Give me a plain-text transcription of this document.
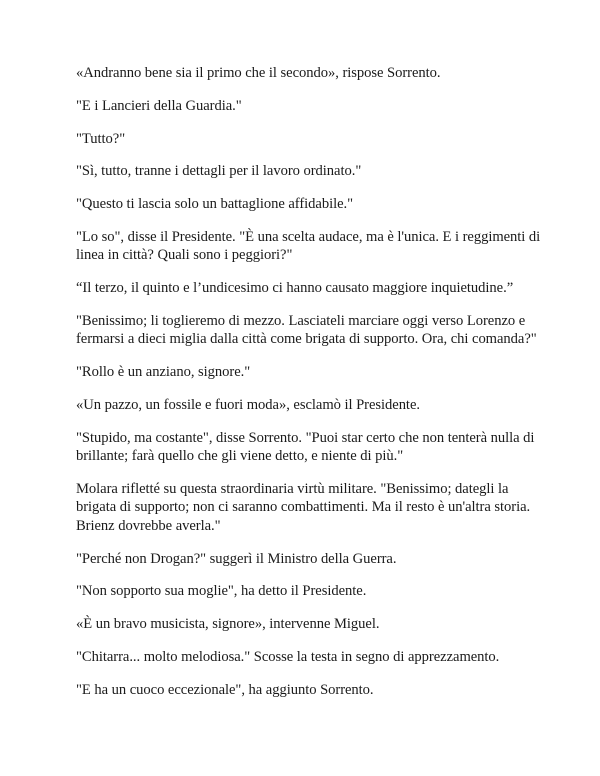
«Andranno bene sia il primo che il secondo», rispose Sorrento.

"E i Lancieri della Guardia."

"Tutto?"

"Sì, tutto, tranne i dettagli per il lavoro ordinato."

"Questo ti lascia solo un battaglione affidabile."

"Lo so", disse il Presidente. "È una scelta audace, ma è l'unica. E i reggimenti di linea in città? Quali sono i peggiori?"

“Il terzo, il quinto e l’undicesimo ci hanno causato maggiore inquietudine.”

"Benissimo; li toglieremo di mezzo. Lasciateli marciare oggi verso Lorenzo e fermarsi a dieci miglia dalla città come brigata di supporto. Ora, chi comanda?"

"Rollo è un anziano, signore."

«Un pazzo, un fossile e fuori moda», esclamò il Presidente.

"Stupido, ma costante", disse Sorrento. "Puoi star certo che non tenterà nulla di brillante; farà quello che gli viene detto, e niente di più."

Molara rifletté su questa straordinaria virtù militare. "Benissimo; dategli la brigata di supporto; non ci saranno combattimenti. Ma il resto è un'altra storia. Brienz dovrebbe averla."

"Perché non Drogan?" suggerì il Ministro della Guerra.

"Non sopporto sua moglie", ha detto il Presidente.

«È un bravo musicista, signore», intervenne Miguel.

"Chitarra... molto melodiosa." Scosse la testa in segno di apprezzamento.

"E ha un cuoco eccezionale", ha aggiunto Sorrento.
